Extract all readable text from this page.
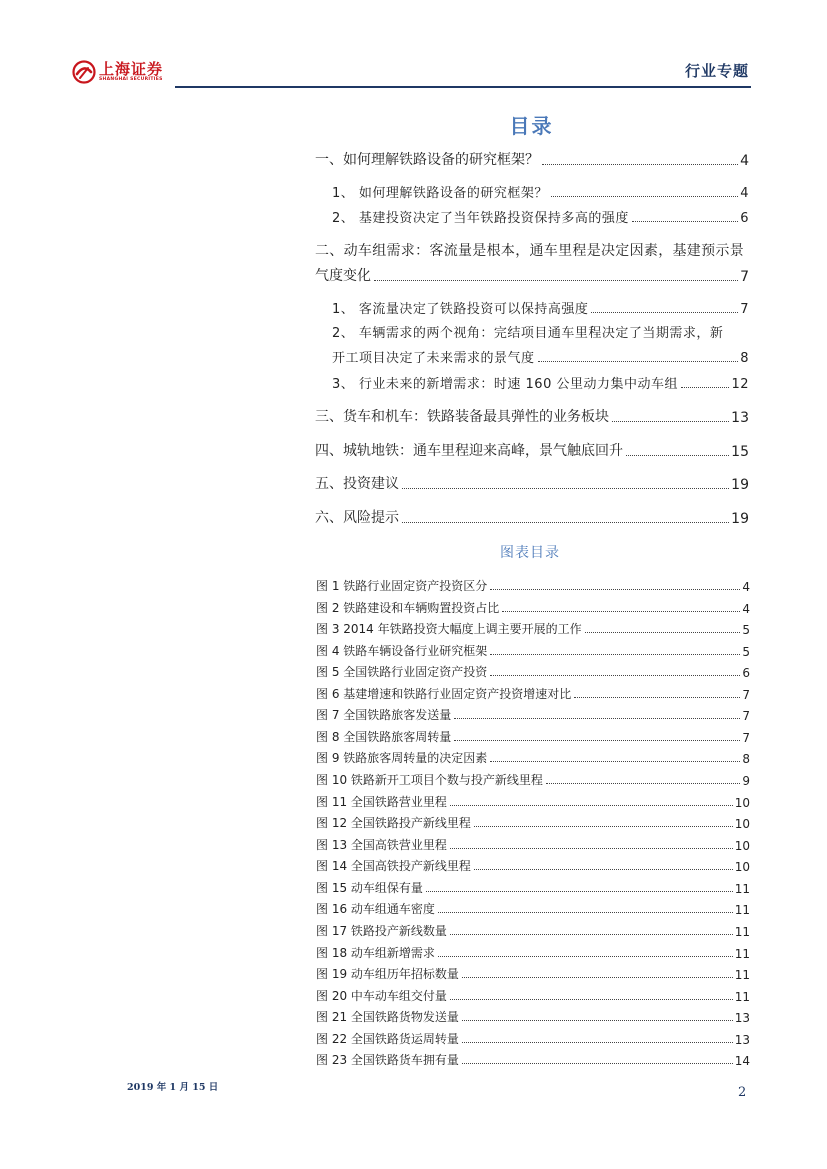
上海证券
SHANGHAI SECURITIES	行业专题
目录
一、如何理解铁路设备的研究框架？	4
1、 如何理解铁路设备的研究框架？	4
2、 基建投资决定了当年铁路投资保持多高的强度	6
二、动车组需求：客流量是根本，通车里程是决定因素，基建预示景
气度变化	7
1、 客流量决定了铁路投资可以保持高强度	7
2、 车辆需求的两个视角：完结项目通车里程决定了当期需求，新
开工项目决定了未来需求的景气度	8
3、 行业未来的新增需求：时速 160 公里动力集中动车组	12
三、货车和机车：铁路装备最具弹性的业务板块	13
四、城轨地铁：通车里程迎来高峰，景气触底回升	15
五、投资建议	19
六、风险提示	19
图表目录
图 1 铁路行业固定资产投资区分	4
图 2 铁路建设和车辆购置投资占比	4
图 3 2014 年铁路投资大幅度上调主要开展的工作	5
图 4 铁路车辆设备行业研究框架	5
图 5 全国铁路行业固定资产投资	6
图 6 基建增速和铁路行业固定资产投资增速对比	7
图 7 全国铁路旅客发送量	7
图 8 全国铁路旅客周转量	7
图 9 铁路旅客周转量的决定因素	8
图 10 铁路新开工项目个数与投产新线里程	9
图 11 全国铁路营业里程	10
图 12 全国铁路投产新线里程	10
图 13 全国高铁营业里程	10
图 14 全国高铁投产新线里程	10
图 15 动车组保有量	11
图 16 动车组通车密度	11
图 17 铁路投产新线数量	11
图 18 动车组新增需求	11
图 19 动车组历年招标数量	11
图 20 中车动车组交付量	11
图 21 全国铁路货物发送量	13
图 22 全国铁路货运周转量	13
图 23 全国铁路货车拥有量	14
2019 年 1 月 15 日	2
